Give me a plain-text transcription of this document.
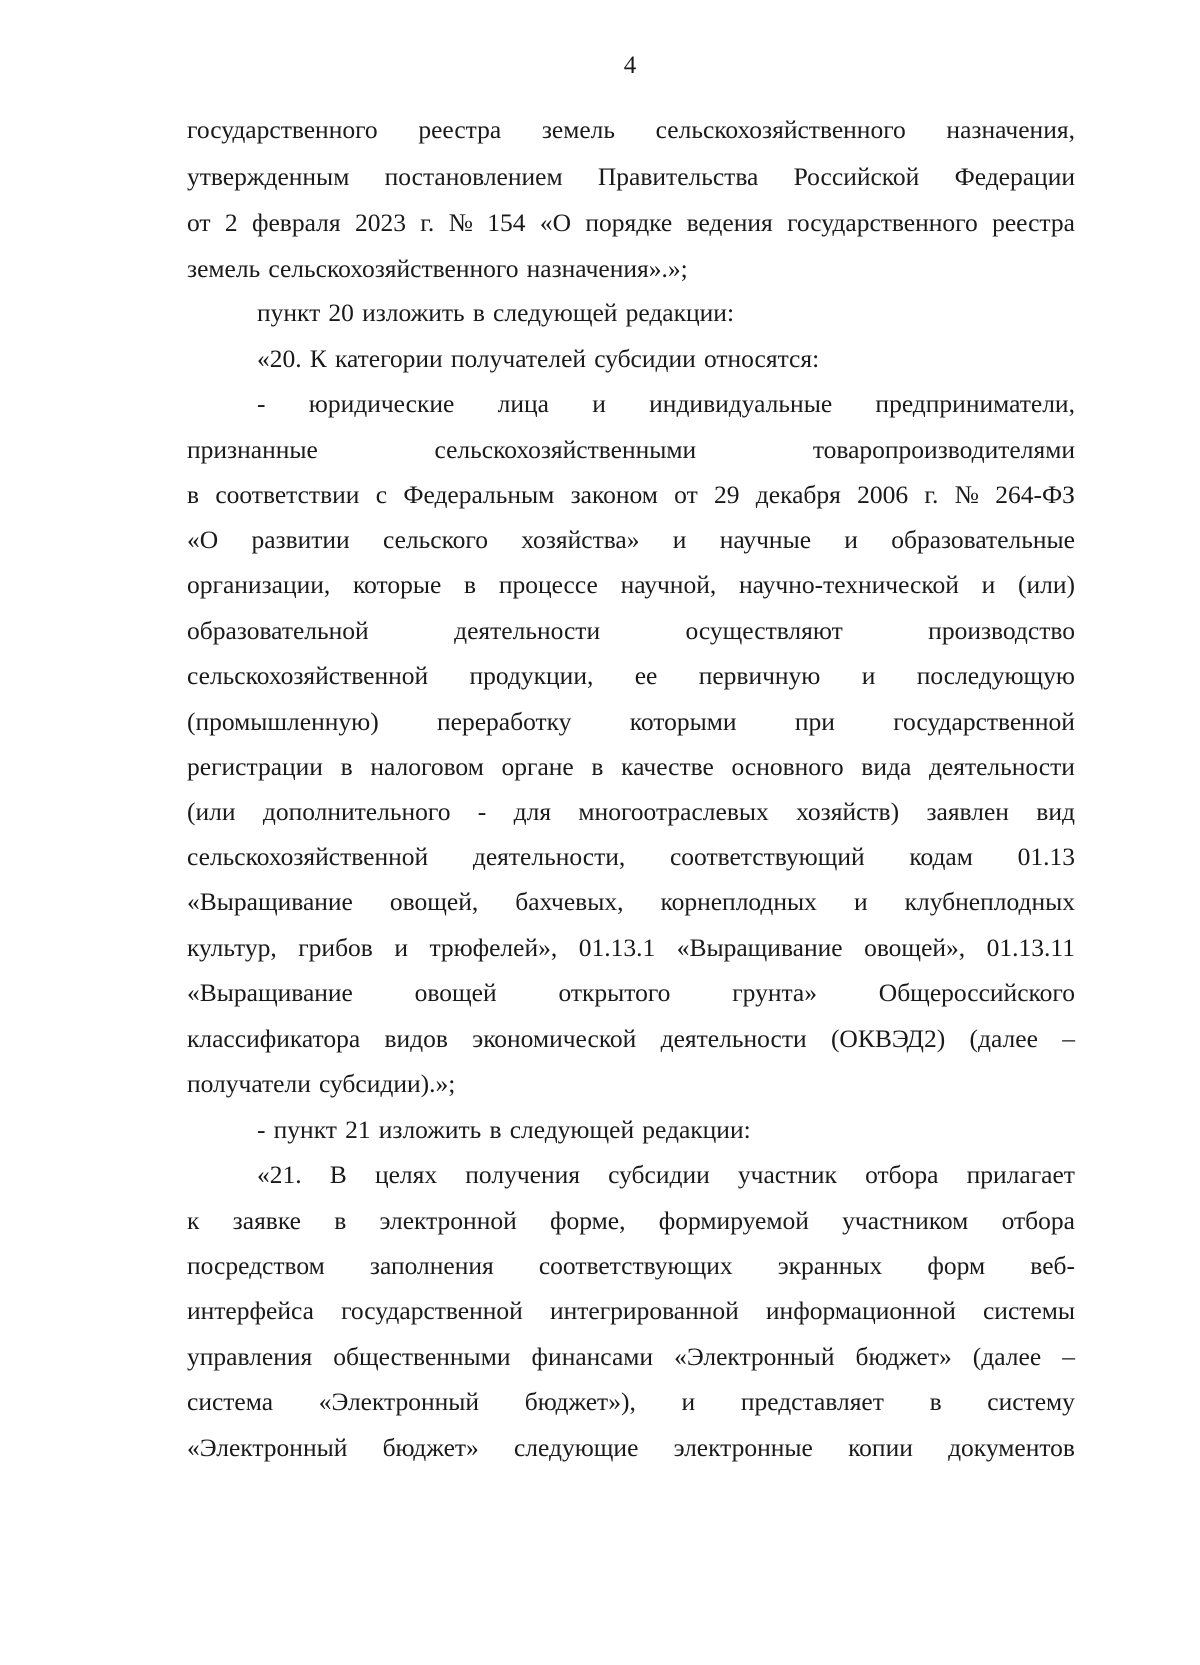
4
государственного реестра земель сельскохозяйственного назначения,
утвержденным постановлением Правительства Российской Федерации
от 2 февраля 2023 г. № 154 «О порядке ведения государственного реестра
земель сельскохозяйственного назначения».»;
пункт 20 изложить в следующей редакции:
«20. К категории получателей субсидии относятся:
- юридические лица и индивидуальные предприниматели,
признанные	сельскохозяйственными	товаропроизводителями
в соответствии с Федеральным законом от 29 декабря 2006 г. № 264-ФЗ
«О развитии сельского хозяйства» и научные и образовательные
организации, которые в процессе научной, научно-технической и (или)
образовательной	деятельности	осуществляют	производство
сельскохозяйственной продукции, ее первичную и последующую
(промышленную) переработку которыми при государственной
регистрации в налоговом органе в качестве основного вида деятельности
(или дополнительного - для многоотраслевых хозяйств) заявлен вид
сельскохозяйственной деятельности, соответствующий кодам 01.13
«Выращивание овощей, бахчевых, корнеплодных и клубнеплодных
культур, грибов и трюфелей», 01.13.1 «Выращивание овощей», 01.13.11
«Выращивание овощей открытого грунта» Общероссийского
классификатора видов экономической деятельности (ОКВЭД2) (далее –
получатели субсидии).»;
- пункт 21 изложить в следующей редакции:
«21. В целях получения субсидии участник отбора прилагает
к заявке в электронной форме, формируемой участником отбора
посредством заполнения соответствующих экранных форм веб-
интерфейса государственной интегрированной информационной системы
управления общественными финансами «Электронный бюджет» (далее –
система «Электронный бюджет»), и представляет в систему
«Электронный бюджет» следующие электронные копии документов
